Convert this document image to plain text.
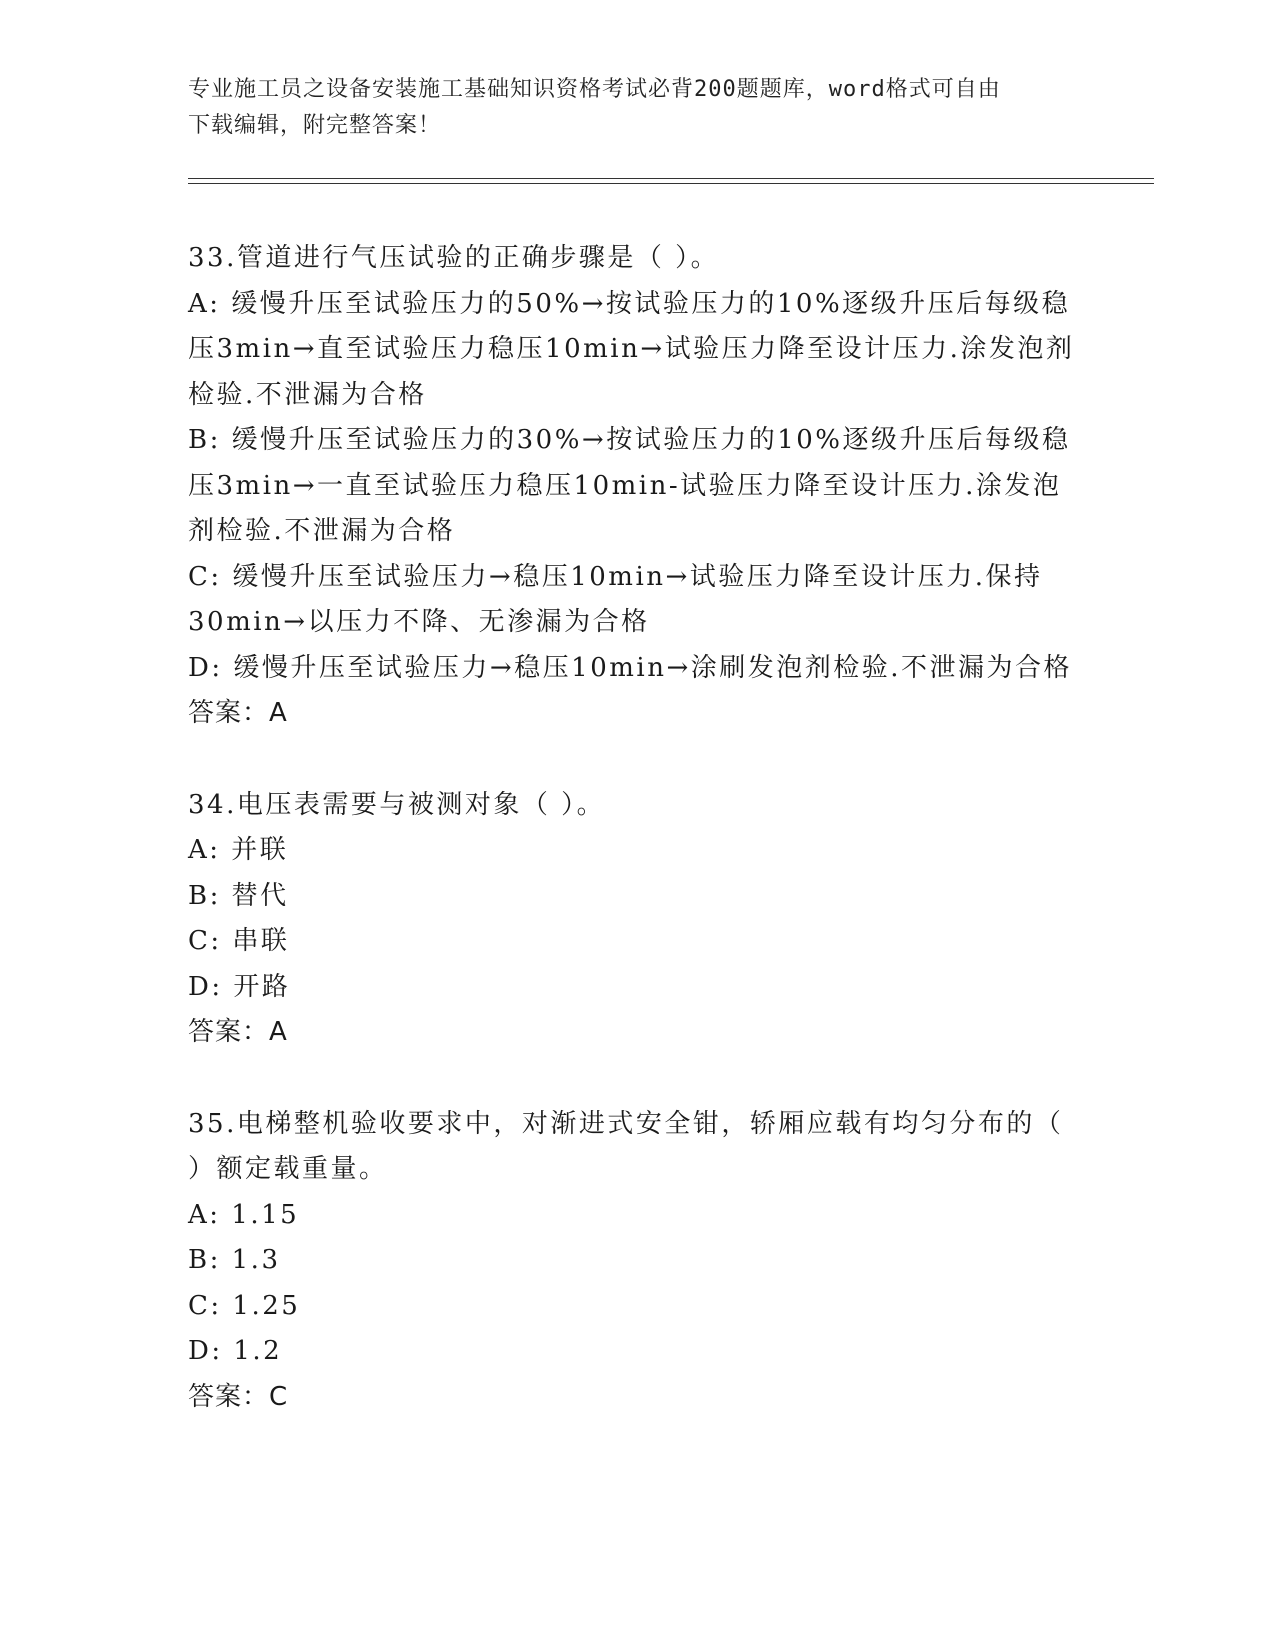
专业施工员之设备安装施工基础知识资格考试必背200题题库，word格式可自由
下载编辑，附完整答案！

33.管道进行气压试验的正确步骤是（ ）。

A: 缓慢升压至试验压力的50%→按试验压力的10%逐级升压后每级稳压3min→直至试验压力稳压10min→试验压力降至设计压力.涂发泡剂检验.不泄漏为合格

B: 缓慢升压至试验压力的30%→按试验压力的10%逐级升压后每级稳压3min→一直至试验压力稳压10min-试验压力降至设计压力.涂发泡剂检验.不泄漏为合格

C: 缓慢升压至试验压力→稳压10min→试验压力降至设计压力.保持30min→以压力不降、无渗漏为合格

D: 缓慢升压至试验压力→稳压10min→涂刷发泡剂检验.不泄漏为合格

答案：A

34.电压表需要与被测对象（ ）。

A: 并联

B: 替代

C: 串联

D: 开路

答案：A

35.电梯整机验收要求中，对渐进式安全钳，轿厢应载有均匀分布的（ ）额定载重量。

A: 1.15

B: 1.3

C: 1.25

D: 1.2

答案：C
